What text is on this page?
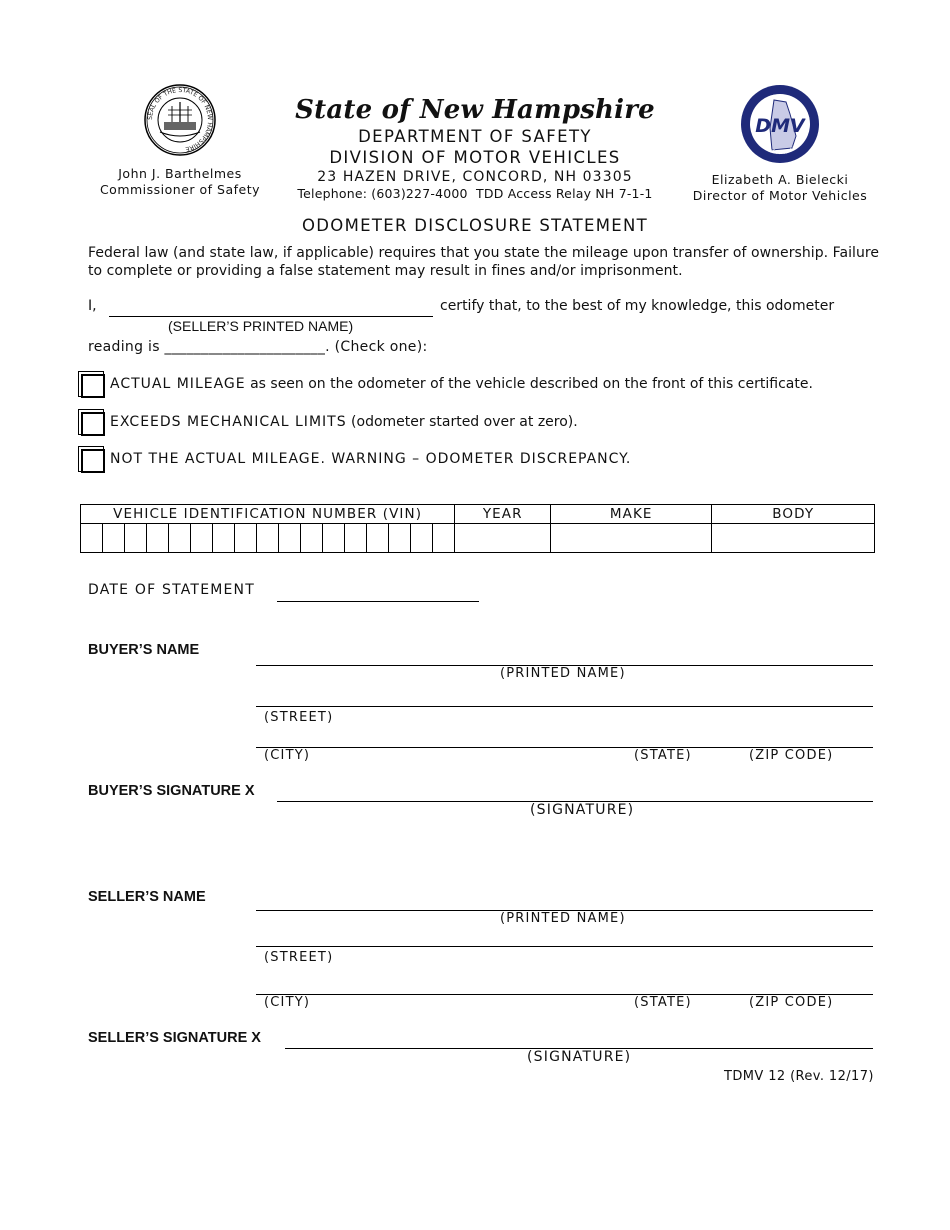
SEAL OF THE STATE OF NEW HAMPSHIRE
John J. Barthelmes
Commissioner of Safety
State of New Hampshire
DEPARTMENT OF SAFETY
DIVISION OF MOTOR VEHICLES
23 HAZEN DRIVE, CONCORD, NH 03305
Telephone: (603)227-4000  TDD Access Relay NH 7-1-1
DMV
w Hampshire Department of Saf
Division of Motor Vehicles
Elizabeth A. Bielecki
Director of Motor Vehicles
ODOMETER DISCLOSURE STATEMENT
Federal law (and state law, if applicable) requires that you state the mileage upon transfer of ownership. Failure
to complete or providing a false statement may result in fines and/or imprisonment.
I,	certify that, to the best of my knowledge, this odometer
(SELLER’S PRINTED NAME)
reading is ______________________. (Check one):
ACTUAL MILEAGE as seen on the odometer of the vehicle described on the front of this certificate.
EXCEEDS MECHANICAL LIMITS (odometer started over at zero).
NOT THE ACTUAL MILEAGE. WARNING – ODOMETER DISCREPANCY.
VEHICLE IDENTIFICATION NUMBER (VIN)																	YEAR	MAKE	BODY

DATE OF STATEMENT
BUYER’S NAME
(PRINTED NAME)
(STREET)
(CITY)	(STATE)	(ZIP CODE)
BUYER’S SIGNATURE X
(SIGNATURE)
SELLER’S NAME
(PRINTED NAME)
(STREET)
(CITY)	(STATE)	(ZIP CODE)
SELLER’S SIGNATURE X
(SIGNATURE)
TDMV 12 (Rev. 12/17)
